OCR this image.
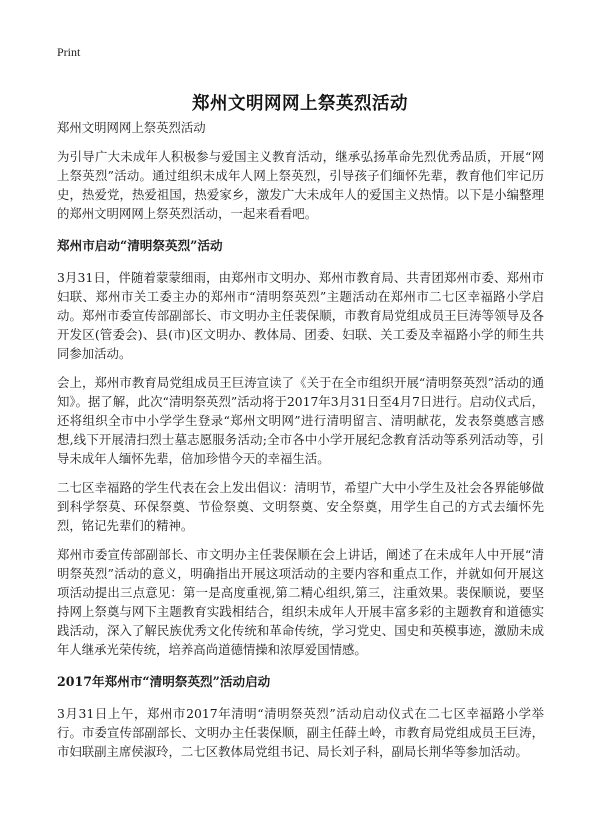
Print
郑州文明网网上祭英烈活动

郑州文明网网上祭英烈活动

为引导广大未成年人积极参与爱国主义教育活动，继承弘扬革命先烈优秀品质，开展“网上祭英烈”活动。通过组织未成年人网上祭英烈，引导孩子们缅怀先辈，教育他们牢记历史，热爱党，热爱祖国，热爱家乡，激发广大未成年人的爱国主义热情。以下是小编整理的郑州文明网网上祭英烈活动，一起来看看吧。

郑州市启动“清明祭英烈”活动

3月31日，伴随着蒙蒙细雨，由郑州市文明办、郑州市教育局、共青团郑州市委、郑州市妇联、郑州市关工委主办的郑州市“清明祭英烈”主题活动在郑州市二七区幸福路小学启动。郑州市委宣传部副部长、市文明办主任裴保顺，市教育局党组成员王巨涛等领导及各开发区(管委会)、县(市)区文明办、教体局、团委、妇联、关工委及幸福路小学的师生共同参加活动。

会上，郑州市教育局党组成员王巨涛宣读了《关于在全市组织开展“清明祭英烈”活动的通知》。据了解，此次“清明祭英烈”活动将于2017年3月31日至4月7日进行。启动仪式后，还将组织全市中小学学生登录“郑州文明网”进行清明留言、清明献花，发表祭奠感言感想,线下开展清扫烈士墓志愿服务活动;全市各中小学开展纪念教育活动等系列活动等，引导未成年人缅怀先辈，倍加珍惜今天的幸福生活。

二七区幸福路的学生代表在会上发出倡议：清明节，希望广大中小学生及社会各界能够做到科学祭莫、环保祭奠、节俭祭奠、文明祭奠、安全祭奠，用学生自己的方式去缅怀先烈，铭记先辈们的精神。

郑州市委宣传部副部长、市文明办主任裴保顺在会上讲话，阐述了在未成年人中开展“清明祭英烈”活动的意义，明确指出开展这项活动的主要内容和重点工作，并就如何开展这项活动提出三点意见：第一是高度重视,第二精心组织,第三，注重效果。裴保顺说，要坚持网上祭奠与网下主题教育实践相结合，组织未成年人开展丰富多彩的主题教育和道德实践活动，深入了解民族优秀文化传统和革命传统，学习党史、国史和英模事迹，激励未成年人继承光荣传统，培养高尚道德情操和浓厚爱国情感。

2017年郑州市“清明祭英烈”活动启动

3月31日上午，郑州市2017年清明“清明祭英烈”活动启动仪式在二七区幸福路小学举行。市委宣传部副部长、文明办主任裴保顺，副主任薛土岭，市教育局党组成员王巨涛，市妇联副主席侯淑玲，二七区教体局党组书记、局长刘子科，副局长荆华等参加活动。
